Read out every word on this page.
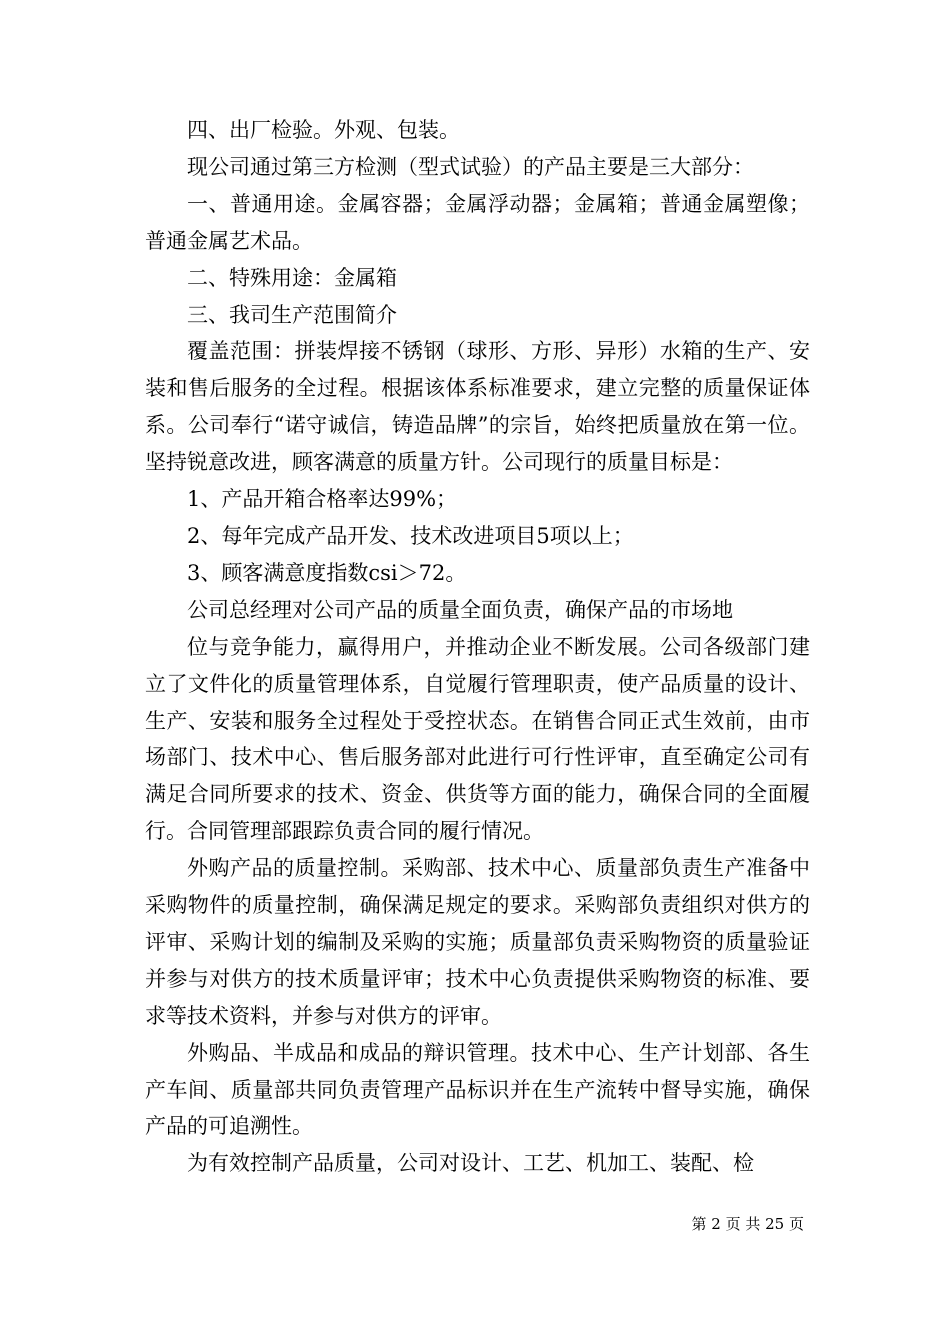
四、出厂检验。外观、包装。

现公司通过第三方检测（型式试验）的产品主要是三大部分：

一、普通用途。金属容器；金属浮动器；金属箱；普通金属塑像；普通金属艺术品。

二、特殊用途：金属箱

三、我司生产范围简介

覆盖范围：拼装焊接不锈钢（球形、方形、异形）水箱的生产、安装和售后服务的全过程。根据该体系标准要求，建立完整的质量保证体系。公司奉行“诺守诚信，铸造品牌”的宗旨，始终把质量放在第一位。坚持锐意改进，顾客满意的质量方针。公司现行的质量目标是：

1、产品开箱合格率达99%；

2、每年完成产品开发、技术改进项目5项以上；

3、顾客满意度指数csi＞72。

公司总经理对公司产品的质量全面负责，确保产品的市场地

位与竞争能力，赢得用户，并推动企业不断发展。公司各级部门建立了文件化的质量管理体系，自觉履行管理职责，使产品质量的设计、生产、安装和服务全过程处于受控状态。在销售合同正式生效前，由市场部门、技术中心、售后服务部对此进行可行性评审，直至确定公司有满足合同所要求的技术、资金、供货等方面的能力，确保合同的全面履行。合同管理部跟踪负责合同的履行情况。

外购产品的质量控制。采购部、技术中心、质量部负责生产准备中采购物件的质量控制，确保满足规定的要求。采购部负责组织对供方的评审、采购计划的编制及采购的实施；质量部负责采购物资的质量验证并参与对供方的技术质量评审；技术中心负责提供采购物资的标准、要求等技术资料，并参与对供方的评审。

外购品、半成品和成品的辩识管理。技术中心、生产计划部、各生产车间、质量部共同负责管理产品标识并在生产流转中督导实施，确保产品的可追溯性。

为有效控制产品质量，公司对设计、工艺、机加工、装配、检

第 2 页 共 25 页
